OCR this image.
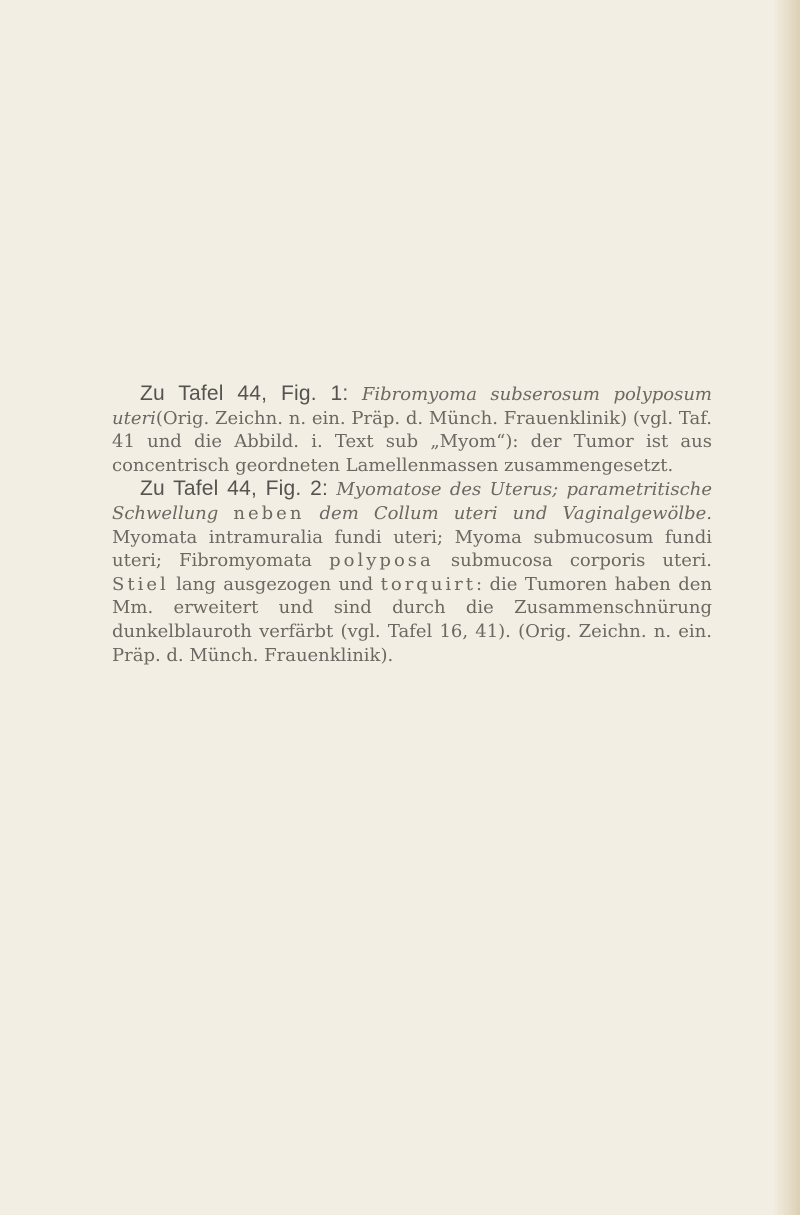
Zu Tafel 44, Fig. 1: Fibromyoma subserosum polyposum uteri(Orig. Zeichn. n. ein. Präp. d. Münch. Frauenklinik) (vgl. Taf. 41 und die Abbild. i. Text sub „Myom“): der Tumor ist aus concentrisch geordneten Lamellenmassen zusammengesetzt.

Zu Tafel 44, Fig. 2: Myomatose des Uterus; parametritische Schwellung neben dem Collum uteri und Vaginalgewölbe. Myomata intramuralia fundi uteri; Myoma submucosum fundi uteri; Fibromyomata polyposa submucosa corporis uteri. Stiel lang ausgezogen und torquirt: die Tumoren haben den Mm. erweitert und sind durch die Zusammenschnürung dunkelblauroth verfärbt (vgl. Tafel 16, 41). (Orig. Zeichn. n. ein. Präp. d. Münch. Frauenklinik).
